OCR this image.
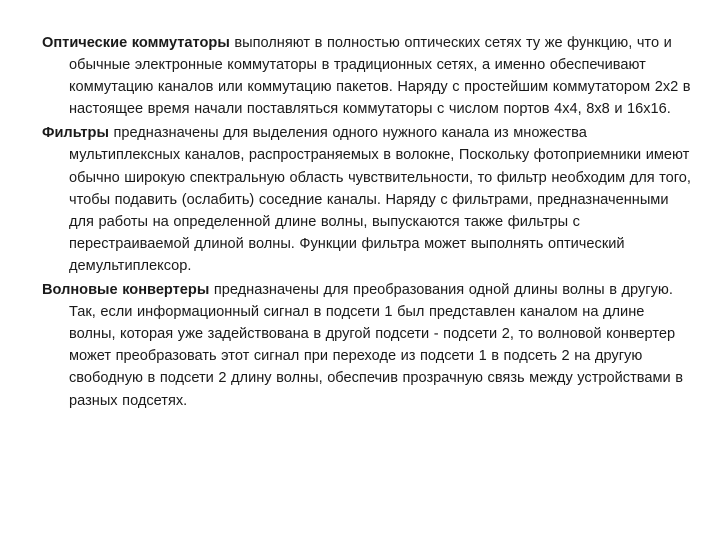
Оптические коммутаторы выполняют в полностью оптических сетях ту же функцию, что и обычные электронные коммутаторы в традиционных сетях, а именно обеспечивают коммутацию каналов или коммутацию пакетов. Наряду с простейшим коммутатором 2х2 в настоящее время начали поставляться коммутаторы с числом портов 4х4, 8х8 и 16х16.

Фильтры предназначены для выделения одного нужного канала из множества мультиплексных каналов, распространяемых в волокне, Поскольку фотоприемники имеют обычно широкую спектральную область чувствительности, то фильтр необходим для того, чтобы подавить (ослабить) соседние каналы. Наряду с фильтрами, предназначенными для работы на определенной длине волны, выпускаются также фильтры с перестраиваемой длиной волны. Функции фильтра может выполнять оптический демультиплексор.

Волновые конвертеры предназначены для преобразования одной длины волны в другую. Так, если информационный сигнал в подсети 1 был представлен каналом на длине волны, которая уже задействована в другой подсети - подсети 2, то волновой конвертер может преобразовать этот сигнал при переходе из подсети 1 в подсеть 2 на другую свободную в подсети 2 длину волны, обеспечив прозрачную связь между устройствами в разных подсетях.
